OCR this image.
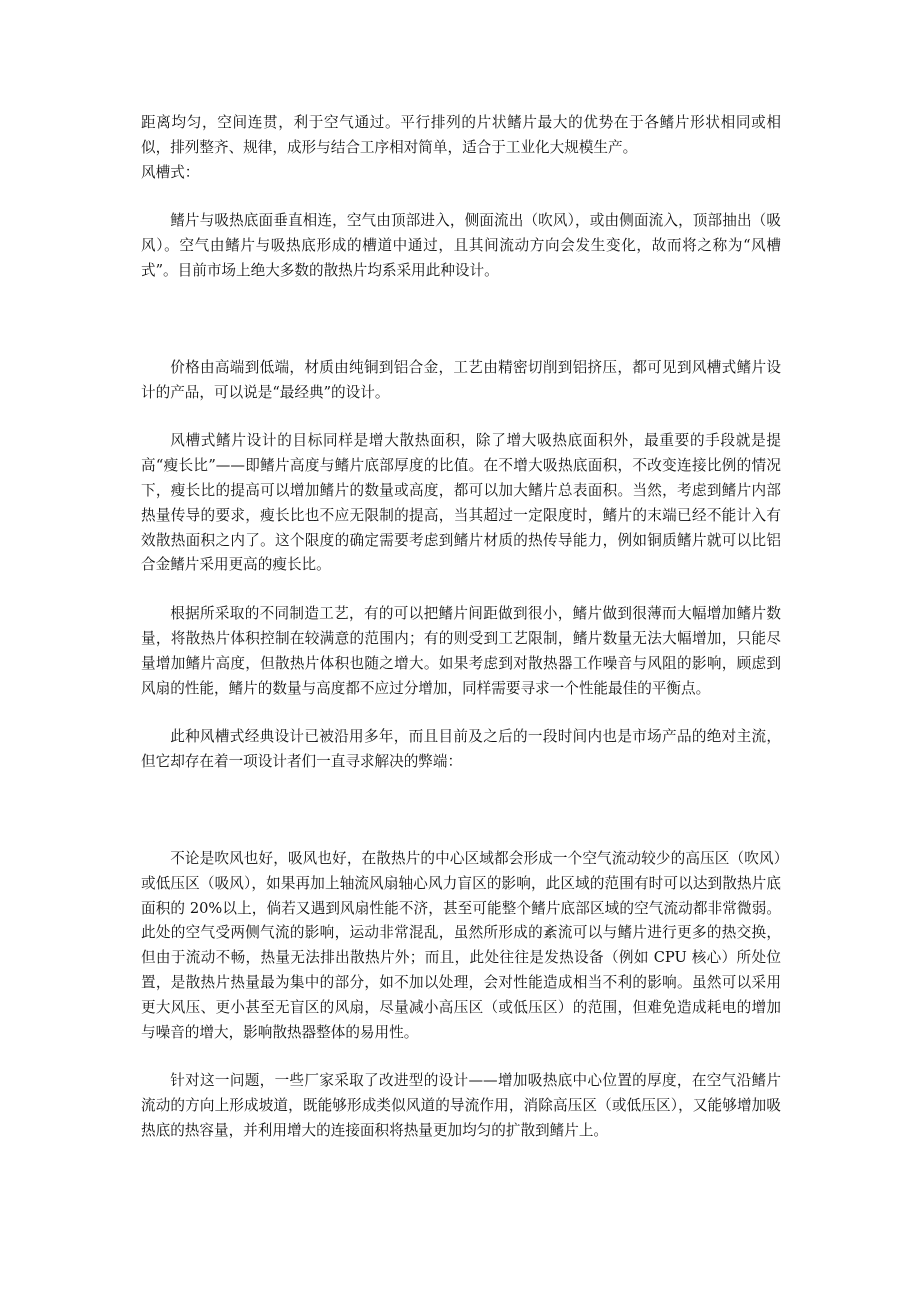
距离均匀，空间连贯，利于空气通过。平行排列的片状鳍片最大的优势在于各鳍片形状相同或相似，排列整齐、规律，成形与结合工序相对简单，适合于工业化大规模生产。

风槽式：

鳍片与吸热底面垂直相连，空气由顶部进入，侧面流出（吹风），或由侧面流入，顶部抽出（吸风）。空气由鳍片与吸热底形成的槽道中通过，且其间流动方向会发生变化，故而将之称为“风槽式”。目前市场上绝大多数的散热片均系采用此种设计。

价格由高端到低端，材质由纯铜到铝合金，工艺由精密切削到铝挤压，都可见到风槽式鳍片设计的产品，可以说是“最经典”的设计。

风槽式鳍片设计的目标同样是增大散热面积，除了增大吸热底面积外，最重要的手段就是提高“瘦长比”——即鳍片高度与鳍片底部厚度的比值。在不增大吸热底面积，不改变连接比例的情况下，瘦长比的提高可以增加鳍片的数量或高度，都可以加大鳍片总表面积。当然，考虑到鳍片内部热量传导的要求，瘦长比也不应无限制的提高，当其超过一定限度时，鳍片的末端已经不能计入有效散热面积之内了。这个限度的确定需要考虑到鳍片材质的热传导能力，例如铜质鳍片就可以比铝合金鳍片采用更高的瘦长比。

根据所采取的不同制造工艺，有的可以把鳍片间距做到很小，鳍片做到很薄而大幅增加鳍片数量，将散热片体积控制在较满意的范围内；有的则受到工艺限制，鳍片数量无法大幅增加，只能尽量增加鳍片高度，但散热片体积也随之增大。如果考虑到对散热器工作噪音与风阻的影响，顾虑到风扇的性能，鳍片的数量与高度都不应过分增加，同样需要寻求一个性能最佳的平衡点。

此种风槽式经典设计已被沿用多年，而且目前及之后的一段时间内也是市场产品的绝对主流，但它却存在着一项设计者们一直寻求解决的弊端：

不论是吹风也好，吸风也好，在散热片的中心区域都会形成一个空气流动较少的高压区（吹风）或低压区（吸风），如果再加上轴流风扇轴心风力盲区的影响，此区域的范围有时可以达到散热片底面积的 20%以上，倘若又遇到风扇性能不济，甚至可能整个鳍片底部区域的空气流动都非常微弱。此处的空气受两侧气流的影响，运动非常混乱，虽然所形成的紊流可以与鳍片进行更多的热交换，但由于流动不畅，热量无法排出散热片外；而且，此处往往是发热设备（例如 CPU 核心）所处位置，是散热片热量最为集中的部分，如不加以处理，会对性能造成相当不利的影响。虽然可以采用更大风压、更小甚至无盲区的风扇，尽量减小高压区（或低压区）的范围，但难免造成耗电的增加与噪音的增大，影响散热器整体的易用性。

针对这一问题，一些厂家采取了改进型的设计——增加吸热底中心位置的厚度，在空气沿鳍片流动的方向上形成坡道，既能够形成类似风道的导流作用，消除高压区（或低压区），又能够增加吸热底的热容量，并利用增大的连接面积将热量更加均匀的扩散到鳍片上。
